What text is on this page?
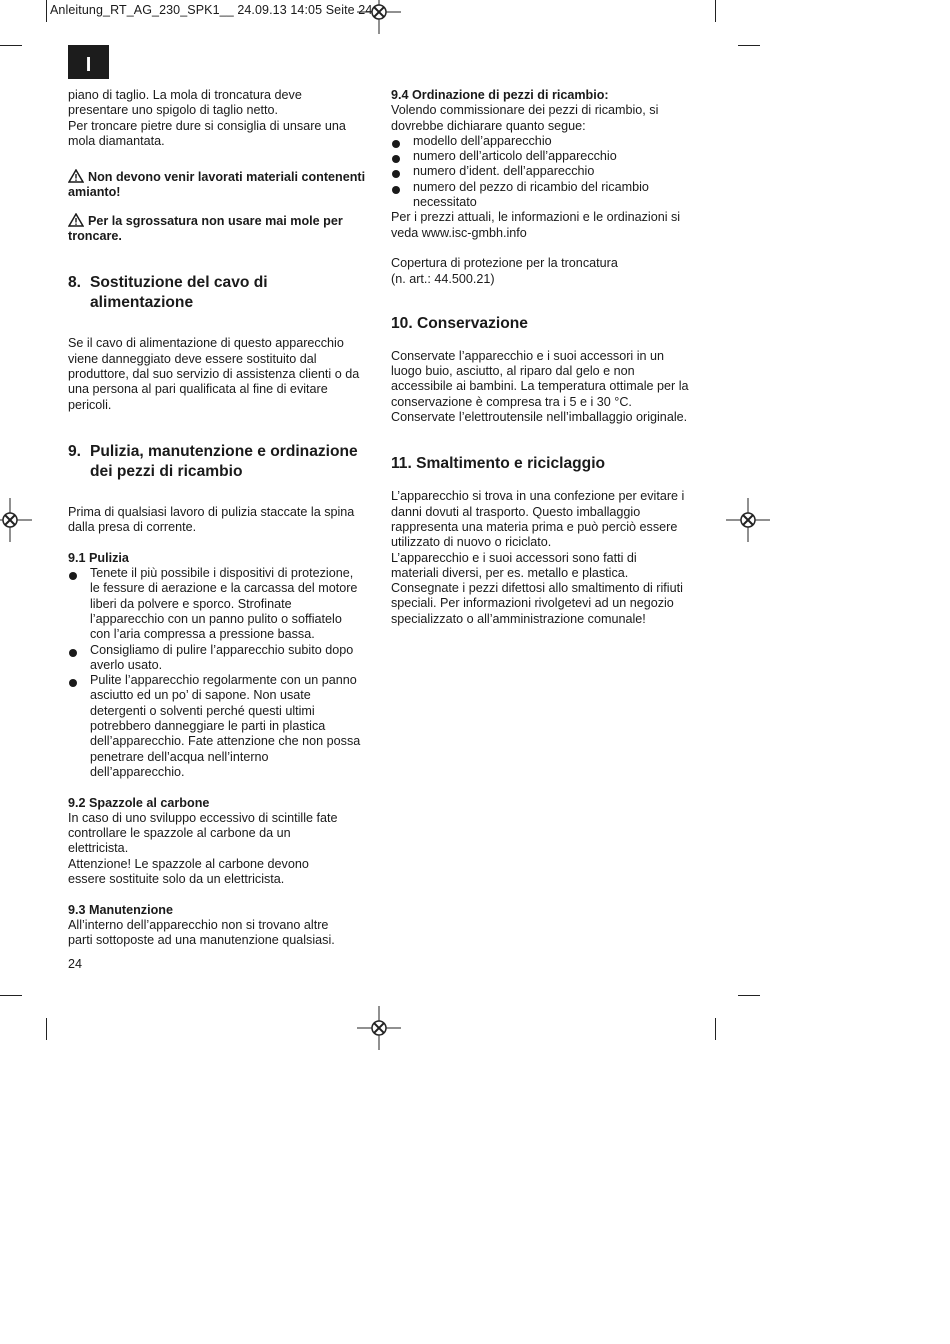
Anleitung_RT_AG_230_SPK1__ 24.09.13 14:05 Seite 24
I

piano di taglio. La mola di troncatura deve

presentare uno spigolo di taglio netto.

Per troncare pietre dure si consiglia di unsare una

mola diamantata.

Non devono venir lavorati materiali contenenti amianto!

Per la sgrossatura non usare mai mole per troncare.

8. Sostituzione del cavo di alimentazione

Se il cavo di alimentazione di questo apparecchio

viene danneggiato deve essere sostituito dal

produttore, dal suo servizio di assistenza clienti o da

una persona al pari qualificata al fine di evitare

pericoli.

9. Pulizia, manutenzione e ordinazione dei pezzi di ricambio

Prima di qualsiasi lavoro di pulizia staccate la spina

dalla presa di corrente.

9.1 Pulizia

Tenete il più possibile i dispositivi di protezione,
le fessure di aerazione e la carcassa del motore
liberi da polvere e sporco. Strofinate
l’apparecchio con un panno pulito o soffiatelo
con l’aria compressa a pressione bassa.
Consigliamo di pulire l’apparecchio subito dopo
averlo usato.
Pulite l’apparecchio regolarmente con un panno
asciutto ed un po’ di sapone. Non usate
detergenti o solventi perché questi ultimi
potrebbero danneggiare le parti in plastica
dell’apparecchio. Fate attenzione che non possa
penetrare dell’acqua nell’interno
dell’apparecchio.

9.2 Spazzole al carbone

In caso di uno sviluppo eccessivo di scintille fate

controllare le spazzole al carbone da un

elettricista.

Attenzione! Le spazzole al carbone devono

essere sostituite solo da un elettricista.

9.3 Manutenzione

All’interno dell’apparecchio non si trovano altre

parti sottoposte ad una manutenzione qualsiasi.

9.4 Ordinazione di pezzi di ricambio:

Volendo commissionare dei pezzi di ricambio, si

dovrebbe dichiarare quanto segue:

modello dell’apparecchio
numero dell’articolo dell’apparecchio
numero d’ident. dell’apparecchio
numero del pezzo di ricambio del ricambio
necessitato

Per i prezzi attuali, le informazioni e le ordinazioni si

veda www.isc-gmbh.info

Copertura di protezione per la troncatura

(n. art.: 44.500.21)

10. Conservazione

Conservate l’apparecchio e i suoi accessori in un

luogo buio, asciutto, al riparo dal gelo e non

accessibile ai bambini. La temperatura ottimale per la

conservazione è compresa tra i 5 e i 30 °C.

Conservate l’elettroutensile nell’imballaggio originale.

11. Smaltimento e riciclaggio

L’apparecchio si trova in una confezione per evitare i

danni dovuti al trasporto. Questo imballaggio

rappresenta una materia prima e può perciò essere

utilizzato di nuovo o riciclato.

L’apparecchio e i suoi accessori sono fatti di

materiali diversi, per es. metallo e plastica.

Consegnate i pezzi difettosi allo smaltimento di rifiuti

speciali. Per informazioni rivolgetevi ad un negozio

specializzato o all’amministrazione comunale!

24
